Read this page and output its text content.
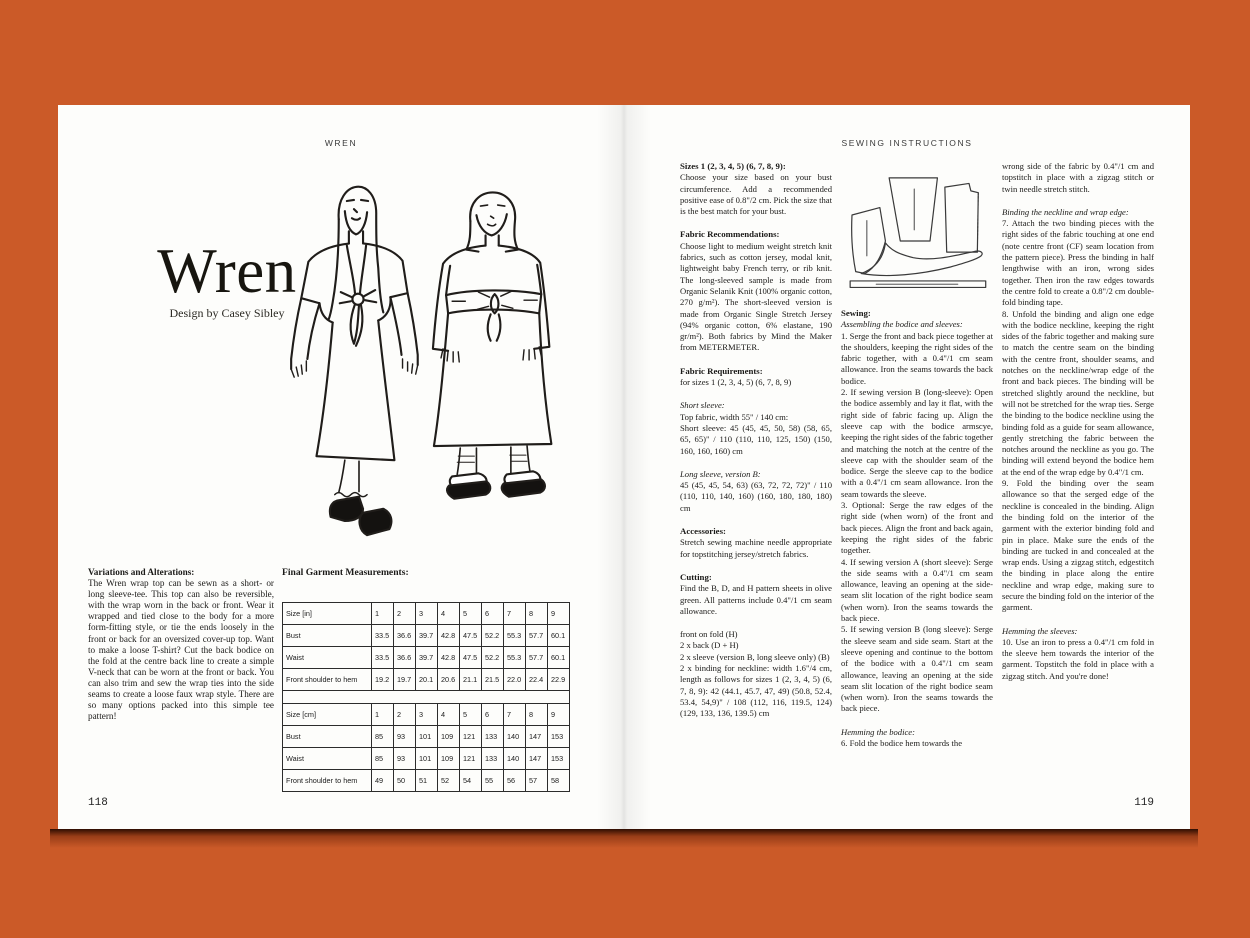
WREN
Wren
Design by Casey Sibley

Variations and Alterations:

The Wren wrap top can be sewn as a short- or long sleeve-tee. This top can also be reversible, with the wrap worn in the back or front. Wear it wrapped and tied close to the body for a more form-fitting style, or tie the ends loosely in the front or back for an oversized cover-up top. Want to make a loose T-shirt? Cut the back bodice on the fold at the centre back line to create a simple V-neck that can be worn at the front or back. You can also trim and sew the wrap ties into the side seams to create a loose faux wrap style. There are so many options packed into this simple tee pattern!

Final Garment Measurements:

Size [in]	1	2	3	4	5	6	7	8	9
Bust	33.5	36.6	39.7	42.8	47.5	52.2	55.3	57.7	60.1
Waist	33.5	36.6	39.7	42.8	47.5	52.2	55.3	57.7	60.1
Front shoulder to hem	19.2	19.7	20.1	20.6	21.1	21.5	22.0	22.4	22.9

Size [cm]	1	2	3	4	5	6	7	8	9
Bust	85	93	101	109	121	133	140	147	153
Waist	85	93	101	109	121	133	140	147	153
Front shoulder to hem	49	50	51	52	54	55	56	57	58
118
SEWING INSTRUCTIONS

Sizes 1 (2, 3, 4, 5) (6, 7, 8, 9):

Choose your size based on your bust circumference. Add a recommended positive ease of 0.8"/2 cm. Pick the size that is the best match for your bust.

Fabric Recommendations:

Choose light to medium weight stretch knit fabrics, such as cotton jersey, modal knit, lightweight baby French terry, or rib knit. The long-sleeved sample is made from Organic Selanik Knit (100% organic cotton, 270 g/m²). The short-sleeved version is made from Organic Single Stretch Jersey (94% organic cotton, 6% elastane, 190 gr/m²). Both fabrics by Mind the Maker from METERMETER.

Fabric Requirements:

for sizes 1 (2, 3, 4, 5) (6, 7, 8, 9)

Short sleeve:

Top fabric, width 55" / 140 cm:

Short sleeve: 45 (45, 45, 50, 58) (58, 65, 65, 65)" / 110 (110, 110, 125, 150) (150, 160, 160, 160) cm

Long sleeve, version B:

45 (45, 45, 54, 63) (63, 72, 72, 72)" / 110 (110, 110, 140, 160) (160, 180, 180, 180) cm

Accessories:

Stretch sewing machine needle appropriate for topstitching jersey/stretch fabrics.

Cutting:

Find the B, D, and H pattern sheets in olive green. All patterns include 0.4"/1 cm seam allowance.

front on fold (H)

2 x back (D + H)

2 x sleeve (version B, long sleeve only) (B)

2 x binding for neckline: width 1.6"/4 cm, length as follows for sizes 1 (2, 3, 4, 5) (6, 7, 8, 9): 42 (44.1, 45.7, 47, 49) (50.8, 52.4, 53.4, 54,9)" / 108 (112, 116, 119.5, 124) (129, 133, 136, 139.5) cm

Sewing:

Assembling the bodice and sleeves:

1. Serge the front and back piece together at the shoulders, keeping the right sides of the fabric together, with a 0.4"/1 cm seam allowance. Iron the seams towards the back bodice.

2. If sewing version B (long-sleeve): Open the bodice assembly and lay it flat, with the right side of fabric facing up. Align the sleeve cap with the bodice armscye, keeping the right sides of the fabric together and matching the notch at the centre of the sleeve cap with the shoulder seam of the bodice. Serge the sleeve cap to the bodice with a 0.4"/1 cm seam allowance. Iron the seam towards the sleeve.

3. Optional: Serge the raw edges of the right side (when worn) of the front and back pieces. Align the front and back again, keeping the right sides of the fabric together.

4. If sewing version A (short sleeve): Serge the side seams with a 0.4"/1 cm seam allowance, leaving an opening at the side-seam slit location of the right bodice seam (when worn). Iron the seams towards the back piece.

5. If sewing version B (long sleeve): Serge the sleeve seam and side seam. Start at the sleeve opening and continue to the bottom of the bodice with a 0.4"/1 cm seam allowance, leaving an opening at the side seam slit location of the right bodice seam (when worn). Iron the seams towards the back piece.

Hemming the bodice:

6. Fold the bodice hem towards the

wrong side of the fabric by 0.4"/1 cm and topstitch in place with a zigzag stitch or twin needle stretch stitch.

Binding the neckline and wrap edge:

7. Attach the two binding pieces with the right sides of the fabric touching at one end (note centre front (CF) seam location from the pattern piece). Press the binding in half lengthwise with an iron, wrong sides together. Then iron the raw edges towards the centre fold to create a 0.8"/2 cm double-fold binding tape.

8. Unfold the binding and align one edge with the bodice neckline, keeping the right sides of the fabric together and making sure to match the centre seam on the binding with the centre front, shoulder seams, and notches on the neckline/wrap edge of the front and back pieces. The binding will be stretched slightly around the neckline, but will not be stretched for the wrap ties. Serge the binding to the bodice neckline using the binding fold as a guide for seam allowance, gently stretching the fabric between the notches around the neckline as you go. The binding will extend beyond the bodice hem at the end of the wrap edge by 0.4"/1 cm.

9. Fold the binding over the seam allowance so that the serged edge of the neckline is concealed in the binding. Align the binding fold on the interior of the garment with the exterior binding fold and pin in place. Make sure the ends of the binding are tucked in and concealed at the wrap ends. Using a zigzag stitch, edgestitch the binding in place along the entire neckline and wrap edge, making sure to secure the binding fold on the interior of the garment.

Hemming the sleeves:

10. Use an iron to press a 0.4"/1 cm fold in the sleeve hem towards the interior of the garment. Topstitch the fold in place with a zigzag stitch. And you're done!

119
